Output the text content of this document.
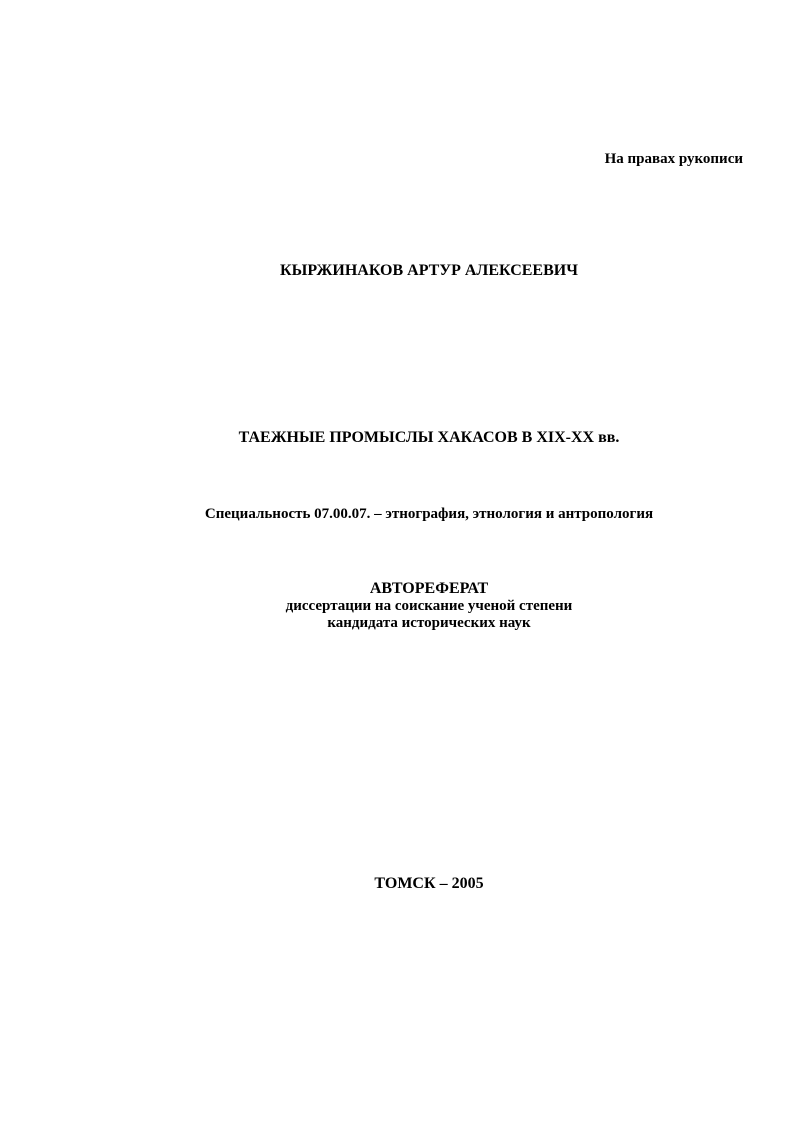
На правах рукописи
КЫРЖИНАКОВ АРТУР АЛЕКСЕЕВИЧ
ТАЕЖНЫЕ ПРОМЫСЛЫ ХАКАСОВ В XIX-XX вв.
Специальность 07.00.07. – этнография, этнология и антропология
АВТОРЕФЕРАТ
диссертации на соискание ученой степени
кандидата исторических наук
ТОМСК – 2005
